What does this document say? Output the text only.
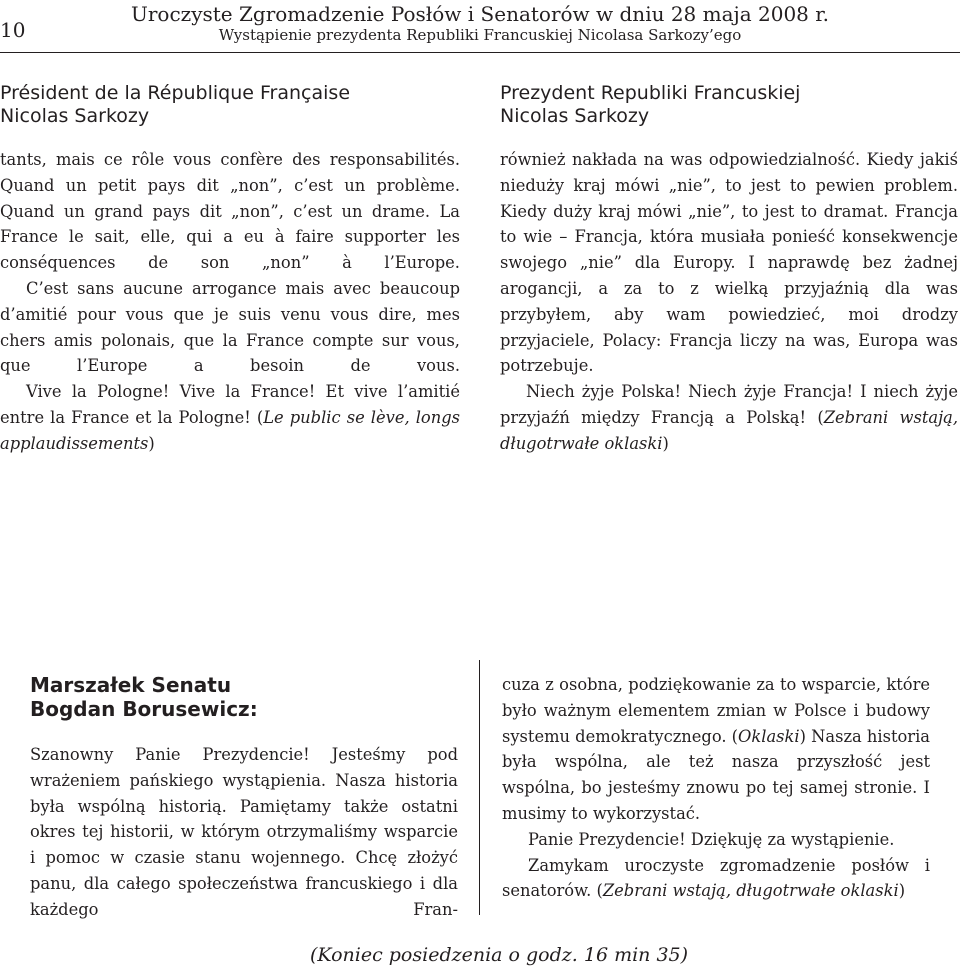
10
Uroczyste Zgromadzenie Posłów i Senatorów w dniu 28 maja 2008 r.
Wystąpienie prezydenta Republiki Francuskiej Nicolasa Sarkozy’ego
Président de la République Française
Nicolas Sarkozy
tants, mais ce rôle vous confère des responsabilités. Quand un petit pays dit „non”, c’est un problème. Quand un grand pays dit „non”, c’est un drame. La France le sait, elle, qui a eu à faire supporter les conséquences de son „non” à l’Europe.
C’est sans aucune arrogance mais avec beaucoup d’amitié pour vous que je suis venu vous dire, mes chers amis polonais, que la France compte sur vous, que l’Europe a besoin de vous.
Vive la Pologne! Vive la France! Et vive l’amitié entre la France et la Pologne! (Le public se lève, longs applaudissements)
Prezydent Republiki Francuskiej
Nicolas Sarkozy
również nakłada na was odpowiedzialność. Kiedy jakiś nieduży kraj mówi „nie”, to jest to pewien problem. Kiedy duży kraj mówi „nie”, to jest to dramat. Francja to wie – Francja, która musiała ponieść konsekwencje swojego „nie” dla Europy. I naprawdę bez żadnej arogancji, a za to z wielką przyjaźnią dla was przybyłem, aby wam powiedzieć, moi drodzy przyjaciele, Polacy: Francja liczy na was, Europa was potrzebuje.
Niech żyje Polska! Niech żyje Francja! I niech żyje przyjaźń między Francją a Polską! (Zebrani wstają, długotrwałe oklaski)
Marszałek Senatu
Bogdan Borusewicz:
Szanowny Panie Prezydencie! Jesteśmy pod wrażeniem pańskiego wystąpienia. Nasza historia była wspólną historią. Pamiętamy także ostatni okres tej historii, w którym otrzymaliśmy wsparcie i pomoc w czasie stanu wojennego. Chcę złożyć panu, dla całego społeczeństwa francuskiego i dla każdego Fran-
cuza z osobna, podziękowanie za to wsparcie, które było ważnym elementem zmian w Polsce i budowy systemu demokratycznego. (Oklaski) Nasza historia była wspólna, ale też nasza przyszłość jest wspólna, bo jesteśmy znowu po tej samej stronie. I musimy to wykorzystać.
Panie Prezydencie! Dziękuję za wystąpienie.
Zamykam uroczyste zgromadzenie posłów i senatorów. (Zebrani wstają, długotrwałe oklaski)
(Koniec posiedzenia o godz. 16 min 35)
